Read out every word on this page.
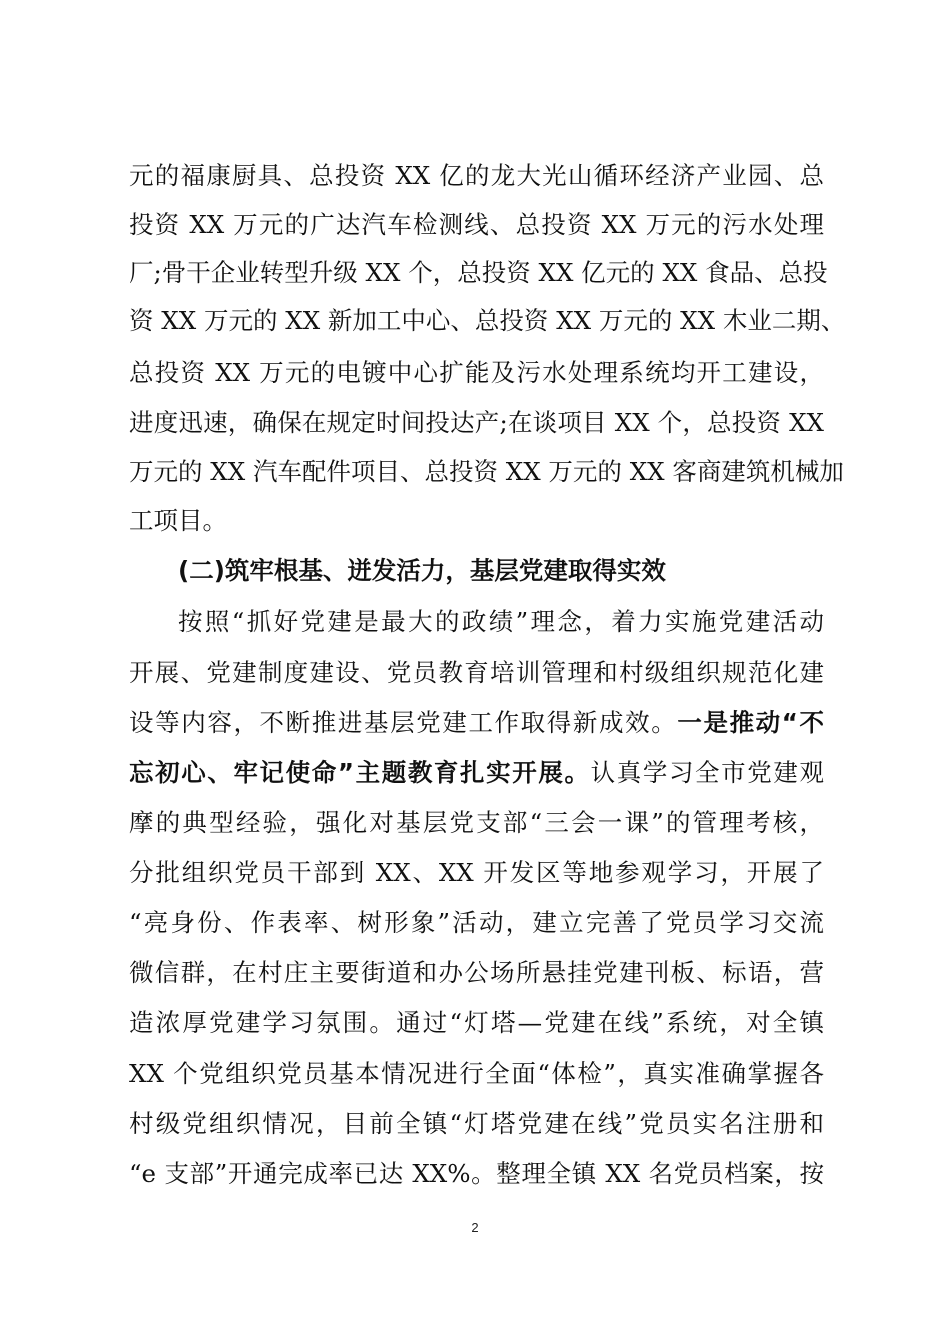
元的福康厨具、总投资 XX 亿的龙大光山循环经济产业园、总
投资 XX 万元的广达汽车检测线、总投资 XX 万元的污水处理
厂;骨干企业转型升级 XX 个，总投资 XX 亿元的 XX 食品、总投
资 XX 万元的 XX 新加工中心、总投资 XX 万元的 XX 木业二期、
总投资 XX 万元的电镀中心扩能及污水处理系统均开工建设，
进度迅速，确保在规定时间投达产;在谈项目 XX 个，总投资 XX
万元的 XX 汽车配件项目、总投资 XX 万元的 XX 客商建筑机械加
工项目。
(二)筑牢根基、迸发活力，基层党建取得实效
按照“抓好党建是最大的政绩”理念，着力实施党建活动
开展、党建制度建设、党员教育培训管理和村级组织规范化建
设等内容，不断推进基层党建工作取得新成效。一是推动“不
忘初心、牢记使命”主题教育扎实开展。认真学习全市党建观
摩的典型经验，强化对基层党支部“三会一课”的管理考核，
分批组织党员干部到 XX、XX 开发区等地参观学习，开展了
“亮身份、作表率、树形象”活动，建立完善了党员学习交流
微信群，在村庄主要街道和办公场所悬挂党建刊板、标语，营
造浓厚党建学习氛围。通过“灯塔—党建在线”系统，对全镇
XX 个党组织党员基本情况进行全面“体检”，真实准确掌握各
村级党组织情况，目前全镇“灯塔党建在线”党员实名注册和
“e 支部”开通完成率已达 XX%。整理全镇 XX 名党员档案，按
2
